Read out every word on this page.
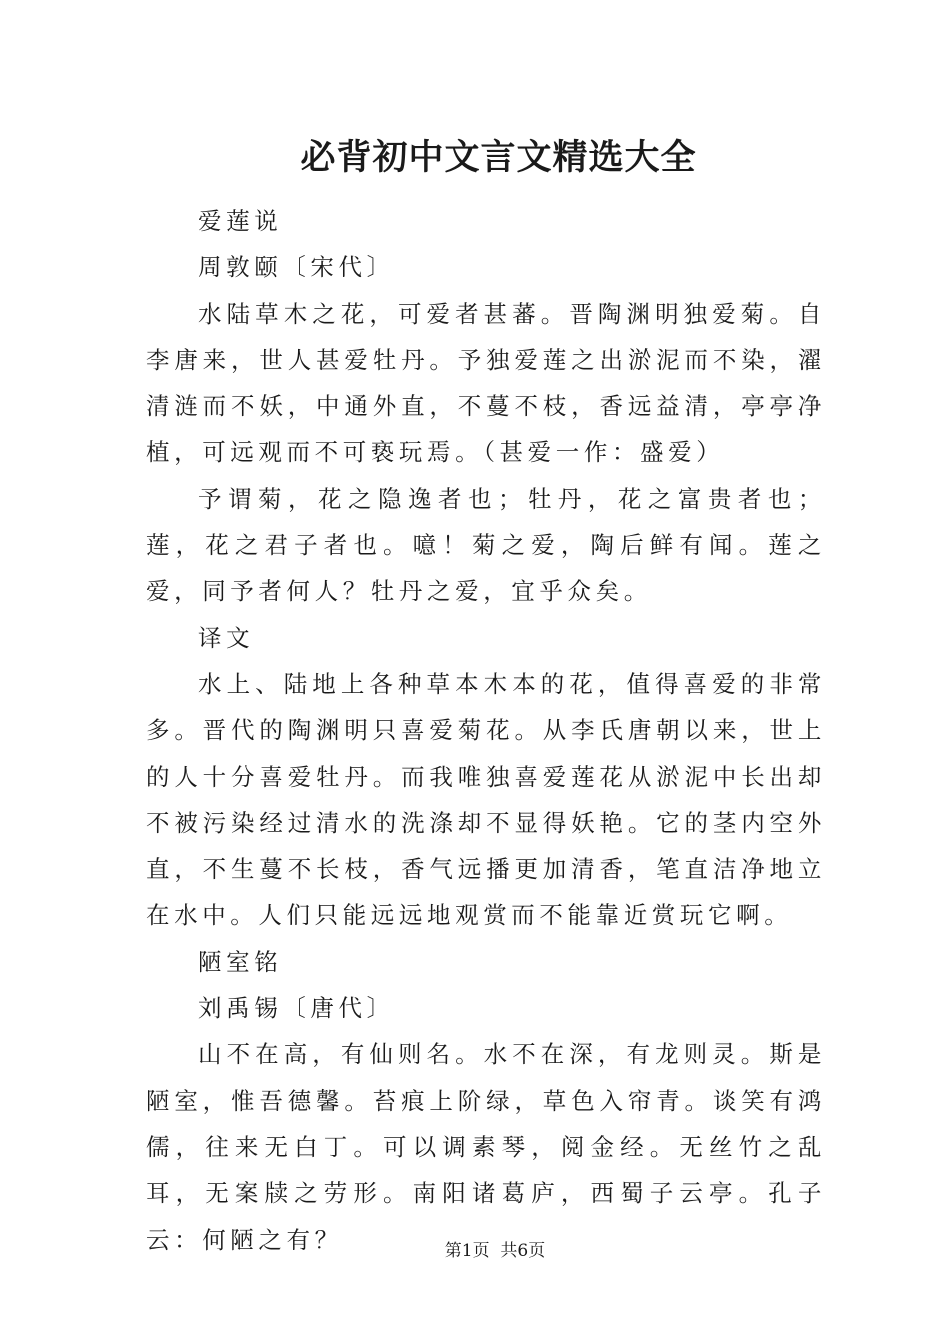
必背初中文言文精选大全

爱莲说

周敦颐〔宋代〕

水陆草木之花，可爱者甚蕃。晋陶渊明独爱菊。自李唐来，世人甚爱牡丹。予独爱莲之出淤泥而不染，濯清涟而不妖，中通外直，不蔓不枝，香远益清，亭亭净植，可远观而不可亵玩焉。（甚爱一作：盛爱）

予谓菊，花之隐逸者也；牡丹，花之富贵者也；莲，花之君子者也。噫！菊之爱，陶后鲜有闻。莲之爱，同予者何人？牡丹之爱，宜乎众矣。

译文

水上、陆地上各种草本木本的花，值得喜爱的非常多。晋代的陶渊明只喜爱菊花。从李氏唐朝以来，世上的人十分喜爱牡丹。而我唯独喜爱莲花从淤泥中长出却不被污染经过清水的洗涤却不显得妖艳。它的茎内空外直，不生蔓不长枝，香气远播更加清香，笔直洁净地立在水中。人们只能远远地观赏而不能靠近赏玩它啊。

陋室铭

刘禹锡〔唐代〕

山不在高，有仙则名。水不在深，有龙则灵。斯是陋室，惟吾德馨。苔痕上阶绿，草色入帘青。谈笑有鸿儒，往来无白丁。可以调素琴，阅金经。无丝竹之乱耳，无案牍之劳形。南阳诸葛庐，西蜀子云亭。孔子云：何陋之有？	第1页  共6页
